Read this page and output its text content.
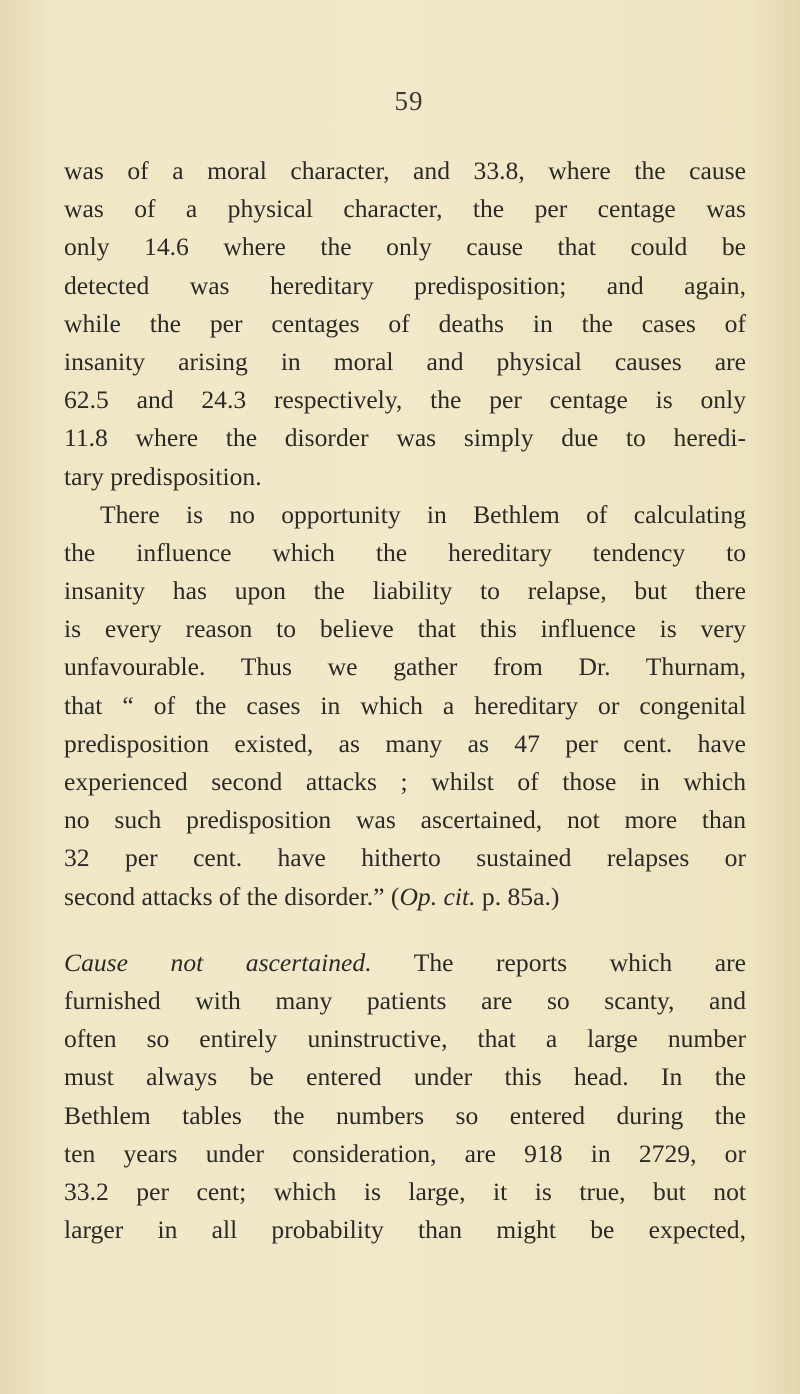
59
was of a moral character, and 33.8, where the cause
was of a physical character, the per centage was
only 14.6 where the only cause that could be
detected was hereditary predisposition; and again,
while the per centages of deaths in the cases of
insanity arising in moral and physical causes are
62.5 and 24.3 respectively, the per centage is only
11.8 where the disorder was simply due to heredi-
tary predisposition.
There is no opportunity in Bethlem of calculating
the influence which the hereditary tendency to
insanity has upon the liability to relapse, but there
is every reason to believe that this influence is very
unfavourable. Thus we gather from Dr. Thurnam,
that “ of the cases in which a hereditary or congenital
predisposition existed, as many as 47 per cent. have
experienced second attacks ; whilst of those in which
no such predisposition was ascertained, not more than
32 per cent. have hitherto sustained relapses or
second attacks of the disorder.” (Op. cit. p. 85a.)
Cause not ascertained. The reports which are
furnished with many patients are so scanty, and
often so entirely uninstructive, that a large number
must always be entered under this head. In the
Bethlem tables the numbers so entered during the
ten years under consideration, are 918 in 2729, or
33.2 per cent; which is large, it is true, but not
larger in all probability than might be expected,
